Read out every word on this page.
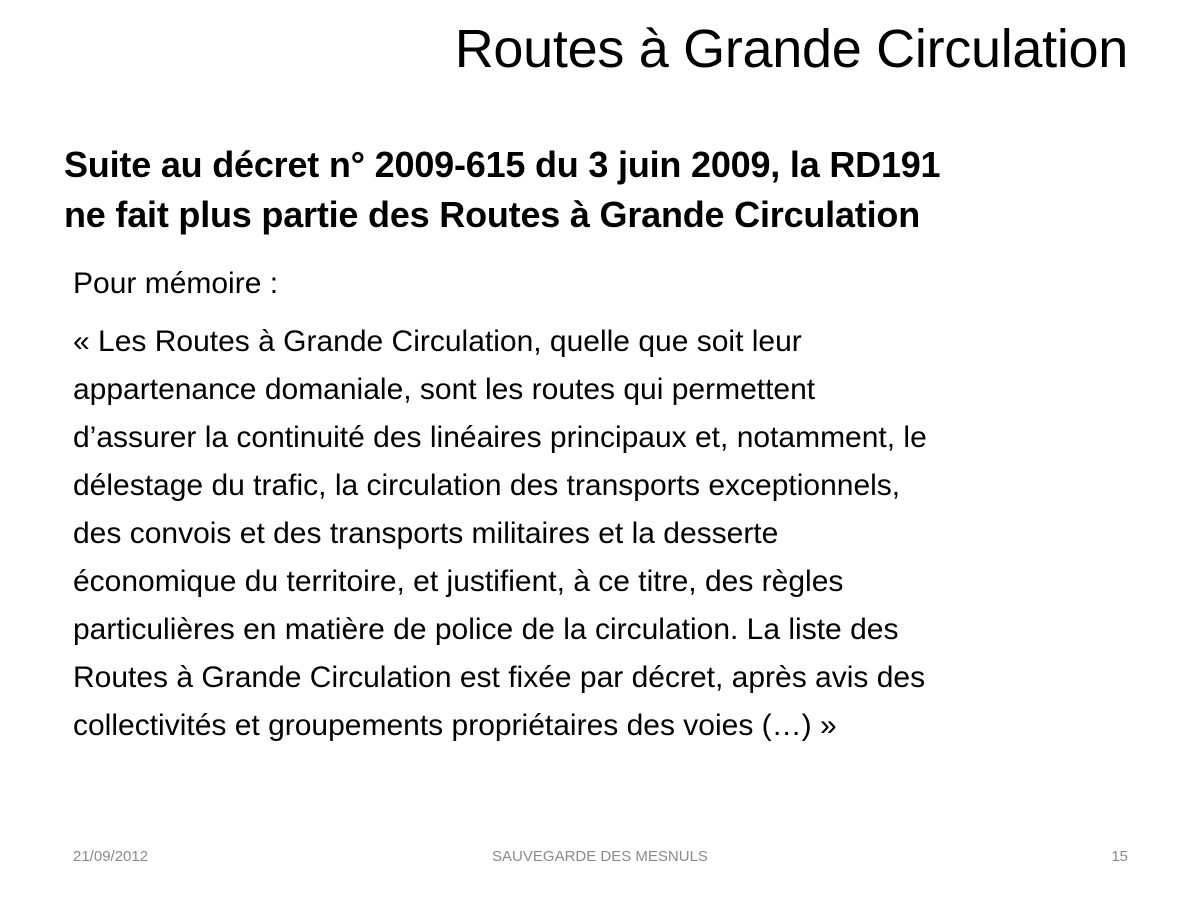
Routes à Grande Circulation

Suite au décret n° 2009-615 du 3 juin 2009, la RD191
ne fait plus partie des Routes à Grande Circulation

Pour mémoire :

« Les Routes à Grande Circulation, quelle que soit leur
appartenance domaniale, sont les routes qui permettent
d’assurer la continuité des linéaires principaux et, notamment, le
délestage du trafic, la circulation des transports exceptionnels,
des convois et des transports militaires et la desserte
économique du territoire, et justifient, à ce titre, des règles
particulières en matière de police de la circulation. La liste des
Routes à Grande Circulation est fixée par décret, après avis des
collectivités et groupements propriétaires des voies (…) »

21/09/2012	SAUVEGARDE DES MESNULS	15
